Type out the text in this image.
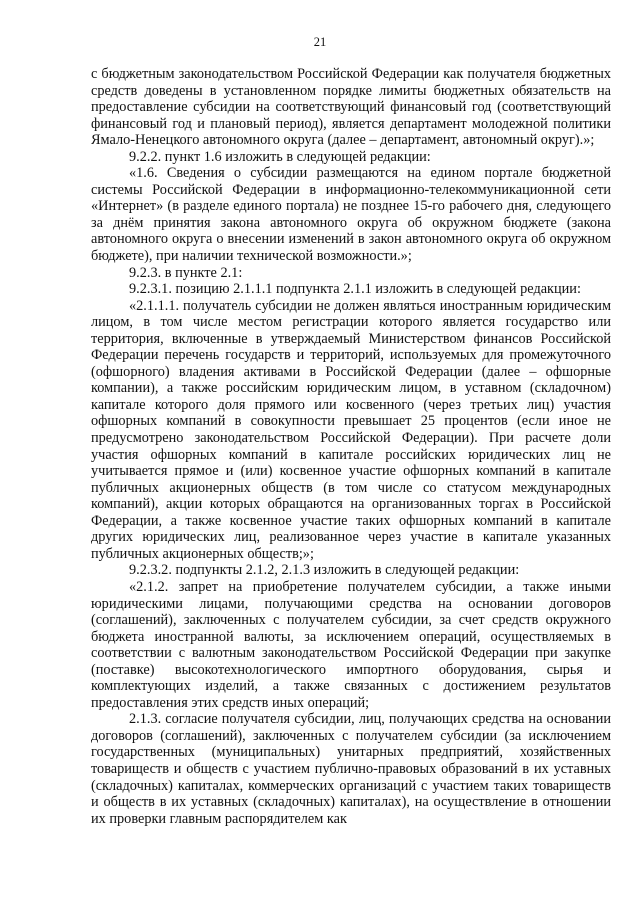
21

с бюджетным законодательством Российской Федерации как получателя бюджетных средств доведены в установленном порядке лимиты бюджетных обязательств на предоставление субсидии на соответствующий финансовый год (соответствующий финансовый год и плановый период), является департамент молодежной политики Ямало-Ненецкого автономного округа (далее – департамент, автономный округ).»;

9.2.2. пункт 1.6 изложить в следующей редакции:

«1.6. Сведения о субсидии размещаются на едином портале бюджетной системы Российской Федерации в информационно-телекоммуникационной сети «Интернет» (в разделе единого портала) не позднее 15-го рабочего дня, следующего за днём принятия закона автономного округа об окружном бюджете (закона автономного округа о внесении изменений в закон автономного округа об окружном бюджете), при наличии технической возможности.»;

9.2.3. в пункте 2.1:

9.2.3.1. позицию 2.1.1.1 подпункта 2.1.1 изложить в следующей редакции:

«2.1.1.1. получатель субсидии не должен являться иностранным юридическим лицом, в том числе местом регистрации которого является государство или территория, включенные в утверждаемый Министерством финансов Российской Федерации перечень государств и территорий, используемых для промежуточного (офшорного) владения активами в Российской Федерации (далее – офшорные компании), а также российским юридическим лицом, в уставном (складочном) капитале которого доля прямого или косвенного (через третьих лиц) участия офшорных компаний в совокупности превышает 25 процентов (если иное не предусмотрено законодательством Российской Федерации). При расчете доли участия офшорных компаний в капитале российских юридических лиц не учитывается прямое и (или) косвенное участие офшорных компаний в капитале публичных акционерных обществ (в том числе со статусом международных компаний), акции которых обращаются на организованных торгах в Российской Федерации, а также косвенное участие таких офшорных компаний в капитале других юридических лиц, реализованное через участие в капитале указанных публичных акционерных обществ;»;

9.2.3.2. подпункты 2.1.2, 2.1.3 изложить в следующей редакции:

«2.1.2. запрет на приобретение получателем субсидии, а также иными юридическими лицами, получающими средства на основании договоров (соглашений), заключенных с получателем субсидии, за счет средств окружного бюджета иностранной валюты, за исключением операций, осуществляемых в соответствии с валютным законодательством Российской Федерации при закупке (поставке) высокотехнологического импортного оборудования, сырья и комплектующих изделий, а также связанных с достижением результатов предоставления этих средств иных операций;

2.1.3. согласие получателя субсидии, лиц, получающих средства на основании договоров (соглашений), заключенных с получателем субсидии (за исключением государственных (муниципальных) унитарных предприятий, хозяйственных товариществ и обществ с участием публично-правовых образований в их уставных (складочных) капиталах, коммерческих организаций с участием таких товариществ и обществ в их уставных (складочных) капиталах), на осуществление в отношении их проверки главным распорядителем как
